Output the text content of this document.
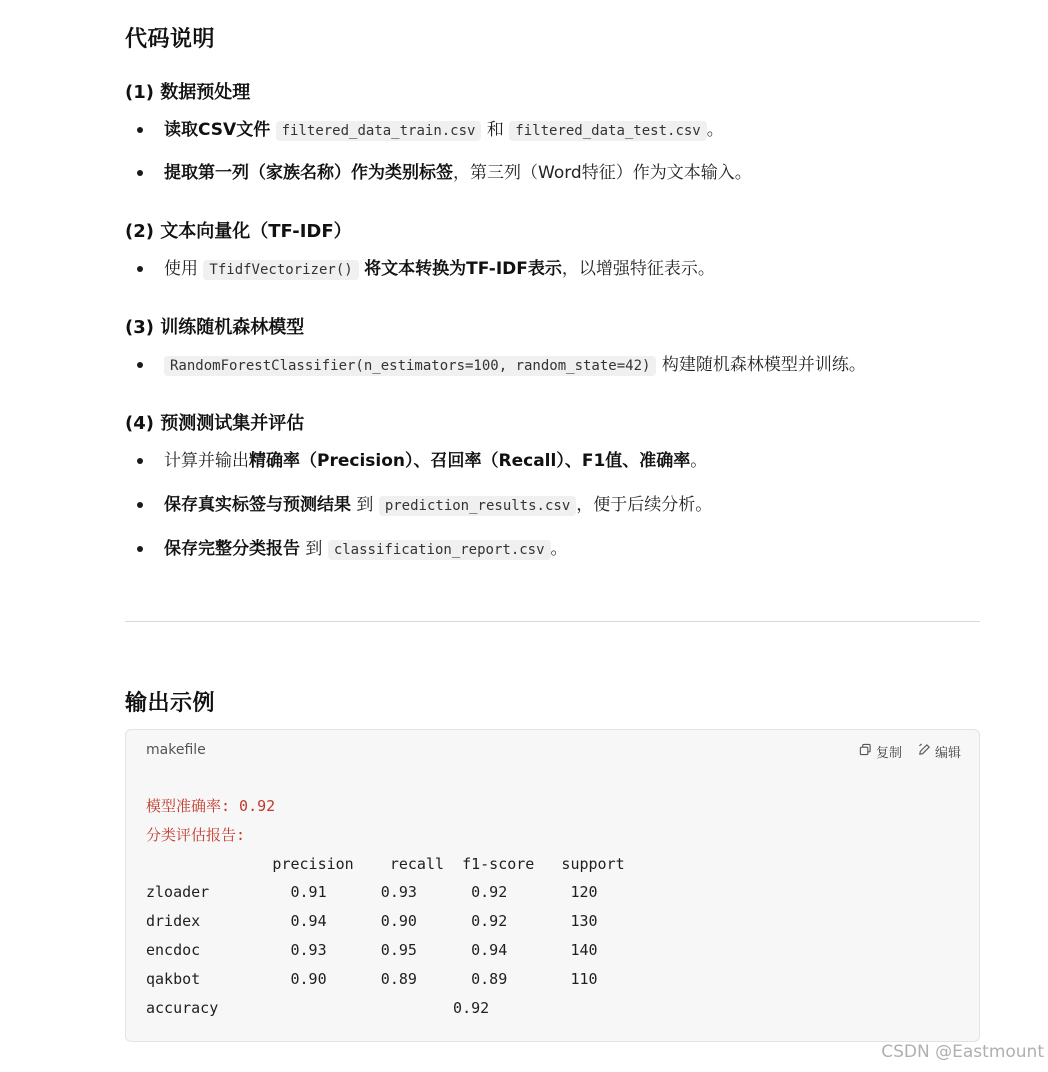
代码说明
(1) 数据预处理
读取CSV文件 filtered_data_train.csv 和 filtered_data_test.csv 。
提取第一列（家族名称）作为类别标签，第三列（Word特征）作为文本输入。
(2) 文本向量化（TF-IDF）
使用 TfidfVectorizer() 将文本转换为TF-IDF表示，以增强特征表示。
(3) 训练随机森林模型
RandomForestClassifier(n_estimators=100, random_state=42) 构建随机森林模型并训练。
(4) 预测测试集并评估
计算并输出精确率（Precision）、召回率（Recall）、F1值、准确率。
保存真实标签与预测结果 到 prediction_results.csv ，便于后续分析。
保存完整分类报告 到 classification_report.csv 。
输出示例
makefile	复制	编辑
模型准确率: 0.92
分类评估报告:
precision    recall  f1-score   support
zloader         0.91      0.93      0.92       120
dridex          0.94      0.90      0.92       130
encdoc          0.93      0.95      0.94       140
qakbot          0.90      0.89      0.89       110
accuracy                          0.92
CSDN @Eastmount
